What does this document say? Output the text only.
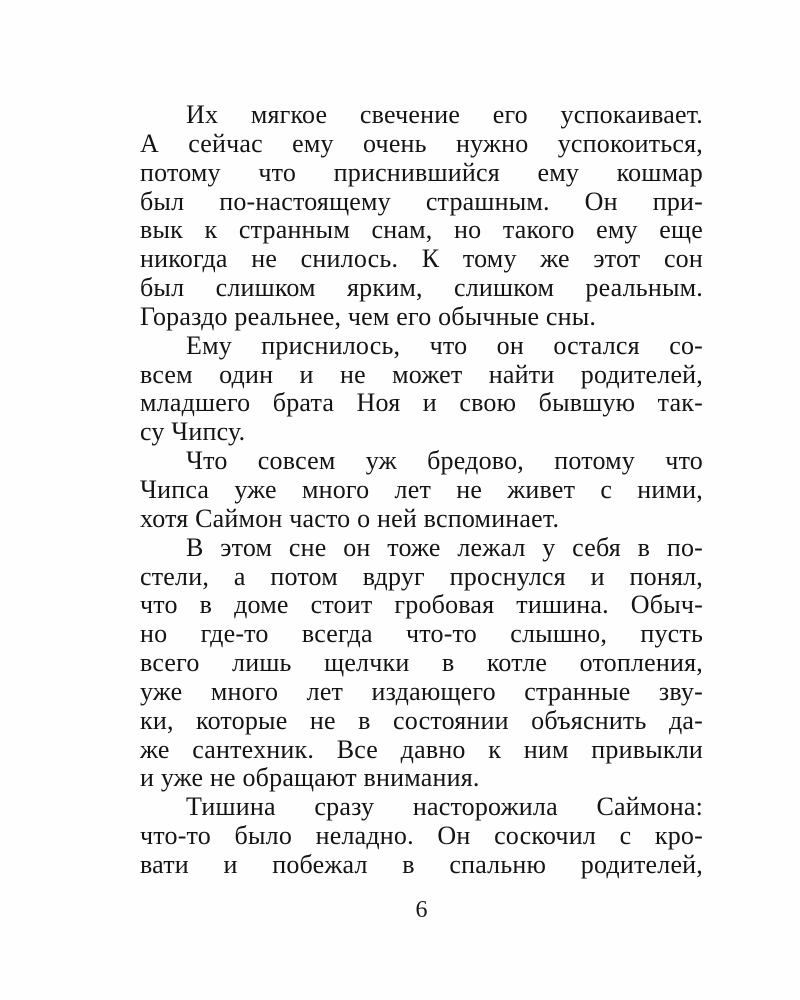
Их мягкое свечение его успокаивает.
А сейчас ему очень нужно успокоиться,
потому что приснившийся ему кошмар
был по-настоящему страшным. Он при-
вык к странным снам, но такого ему еще
никогда не снилось. К тому же этот сон
был слишком ярким, слишком реальным.
Гораздо реальнее, чем его обычные сны.
Ему приснилось, что он остался со-
всем один и не может найти родителей,
младшего брата Ноя и свою бывшую так-
су Чипсу.
Что совсем уж бредово, потому что
Чипса уже много лет не живет с ними,
хотя Саймон часто о ней вспоминает.
В этом сне он тоже лежал у себя в по-
стели, а потом вдруг проснулся и понял,
что в доме стоит гробовая тишина. Обыч-
но где-то всегда что-то слышно, пусть
всего лишь щелчки в котле отопления,
уже много лет издающего странные зву-
ки, которые не в состоянии объяснить да-
же сантехник. Все давно к ним привыкли
и уже не обращают внимания.
Тишина сразу насторожила Саймона:
что-то было неладно. Он соскочил с кро-
вати и побежал в спальню родителей,
6
